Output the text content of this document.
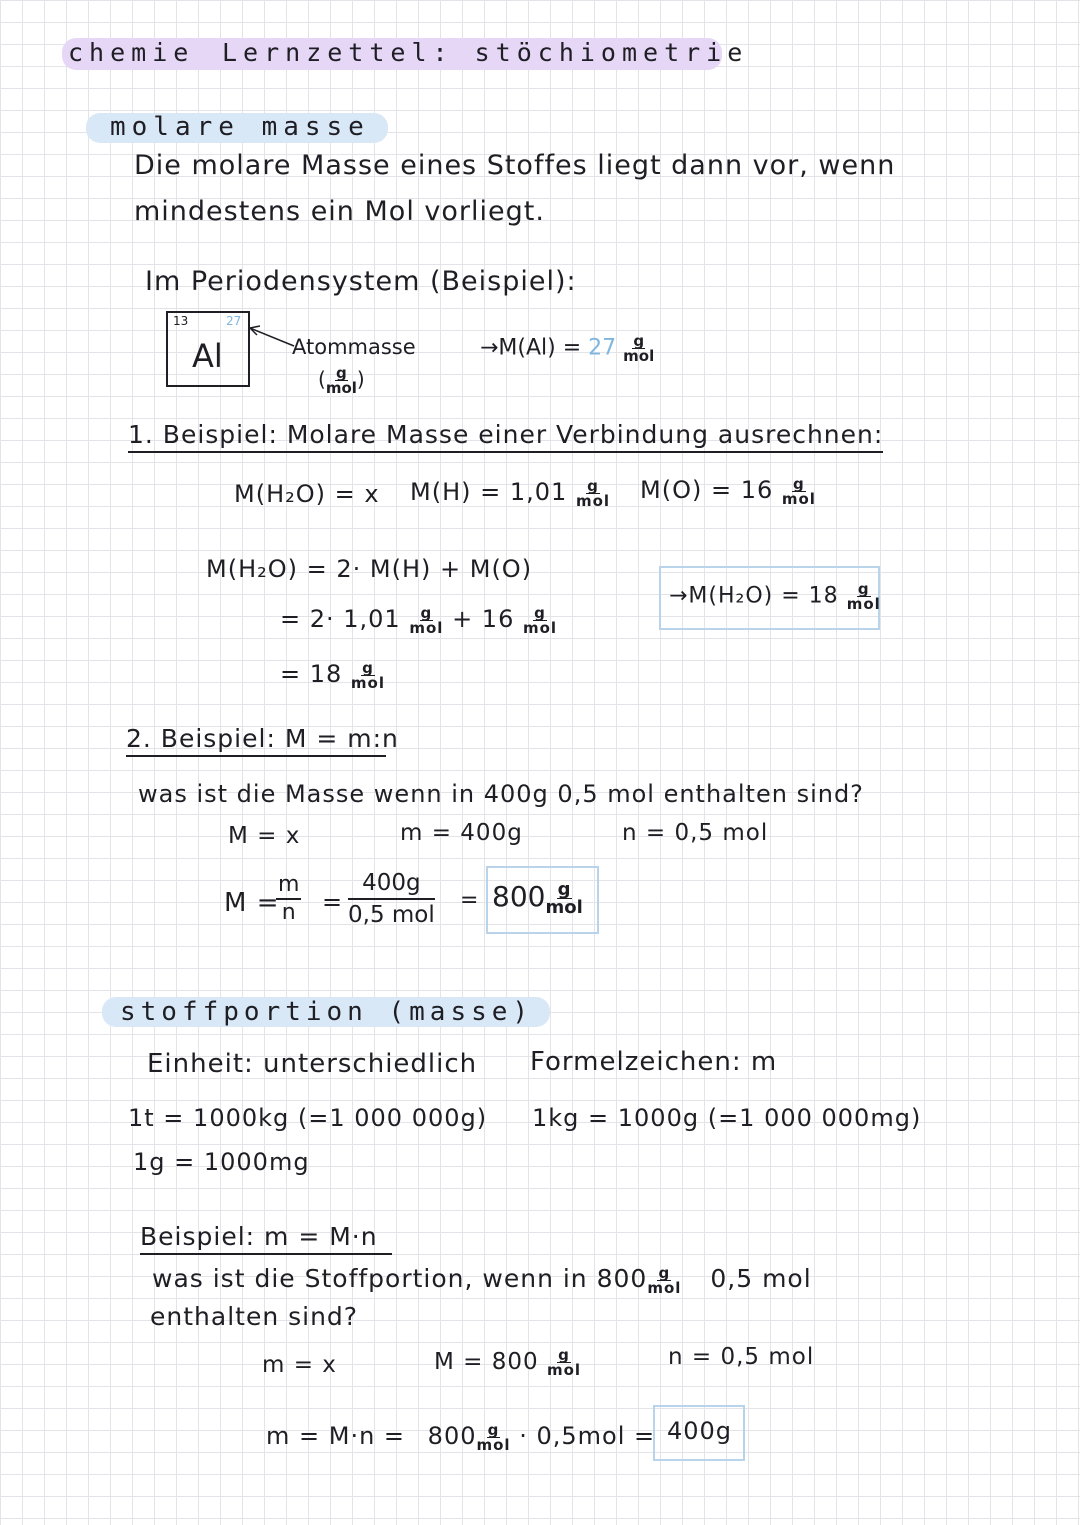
chemie Lernzettel: stöchiometrie
molare masse
Die molare Masse eines Stoffes liegt dann vor, wenn
mindestens ein Mol vorliegt.
Im Periodensystem (Beispiel):
13	27
Al	Atommasse
( $\frac{g}{\text{mol}}$ )
$\to M(Al) = 27 \frac{g}{\text{mol}}$
1. Beispiel: Molare Masse einer Verbindung ausrechnen:
M(H₂O) = x $M(H) = 1,01 \frac{g}{\text{mol}} M(O) = 16 \frac{g}{\text{mol}}$
M(H₂O) = 2· M(H) + M(O)
= $2\cdot 1,01 \frac{g}{\text{mol}} + 16 \frac{g}{\text{mol}}$
= $18 \frac{g}{\text{mol}}$
$\to M(H_2O) = 18 \frac{g}{\text{mol}}$
2. Beispiel: M = m:n
was ist die Masse wenn in 400g 0,5 mol enthalten sind?
M = x	m = 400g	n = 0,5 mol
M =
m
n =
400g
0,5 mol
= $800 \frac{g}{\text{mol}}$
stoffportion (masse)
Einheit: unterschiedlich Formelzeichen: m
1t = 1000kg (=1 000 000g) 1kg = 1000g (=1 000 000mg)
1g = 1000mg
Beispiel: m = M·n
was ist die Stoffportion, wenn in $800 \frac{g}{\text{mol}} 0,5$ mol
enthalten sind?
m = x	$M = 800 \frac{g}{\text{mol}}$	n = 0,5 mol
$m = M\cdot n = 800 \frac{g}{\text{mol}} \cdot 0,5mol = 400g$
